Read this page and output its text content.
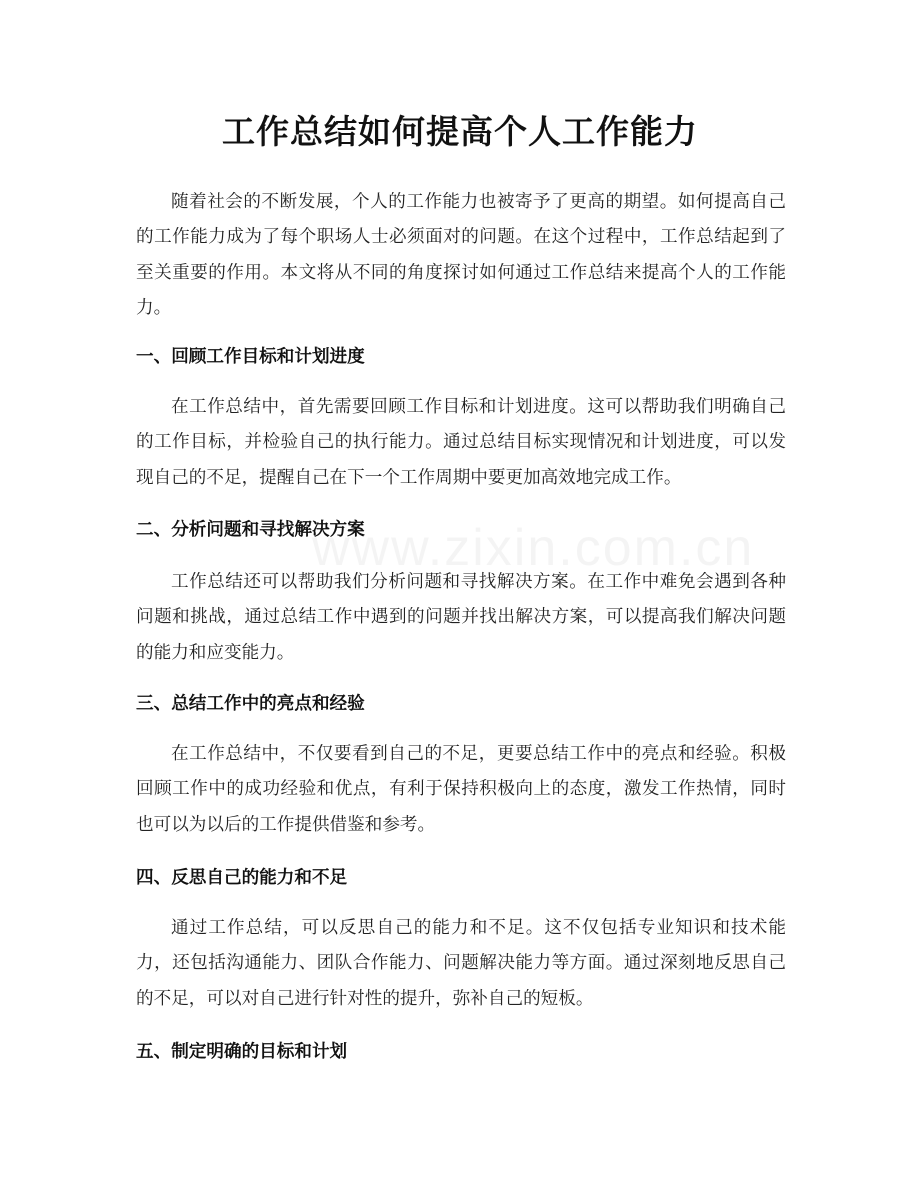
工作总结如何提高个人工作能力

随着社会的不断发展，个人的工作能力也被寄予了更高的期望。如何提高自己的工作能力成为了每个职场人士必须面对的问题。在这个过程中，工作总结起到了至关重要的作用。本文将从不同的角度探讨如何通过工作总结来提高个人的工作能力。

一、回顾工作目标和计划进度

在工作总结中，首先需要回顾工作目标和计划进度。这可以帮助我们明确自己的工作目标，并检验自己的执行能力。通过总结目标实现情况和计划进度，可以发现自己的不足，提醒自己在下一个工作周期中要更加高效地完成工作。

二、分析问题和寻找解决方案

工作总结还可以帮助我们分析问题和寻找解决方案。在工作中难免会遇到各种问题和挑战，通过总结工作中遇到的问题并找出解决方案，可以提高我们解决问题的能力和应变能力。

三、总结工作中的亮点和经验

在工作总结中，不仅要看到自己的不足，更要总结工作中的亮点和经验。积极回顾工作中的成功经验和优点，有利于保持积极向上的态度，激发工作热情，同时也可以为以后的工作提供借鉴和参考。

四、反思自己的能力和不足

通过工作总结，可以反思自己的能力和不足。这不仅包括专业知识和技术能力，还包括沟通能力、团队合作能力、问题解决能力等方面。通过深刻地反思自己的不足，可以对自己进行针对性的提升，弥补自己的短板。

五、制定明确的目标和计划
